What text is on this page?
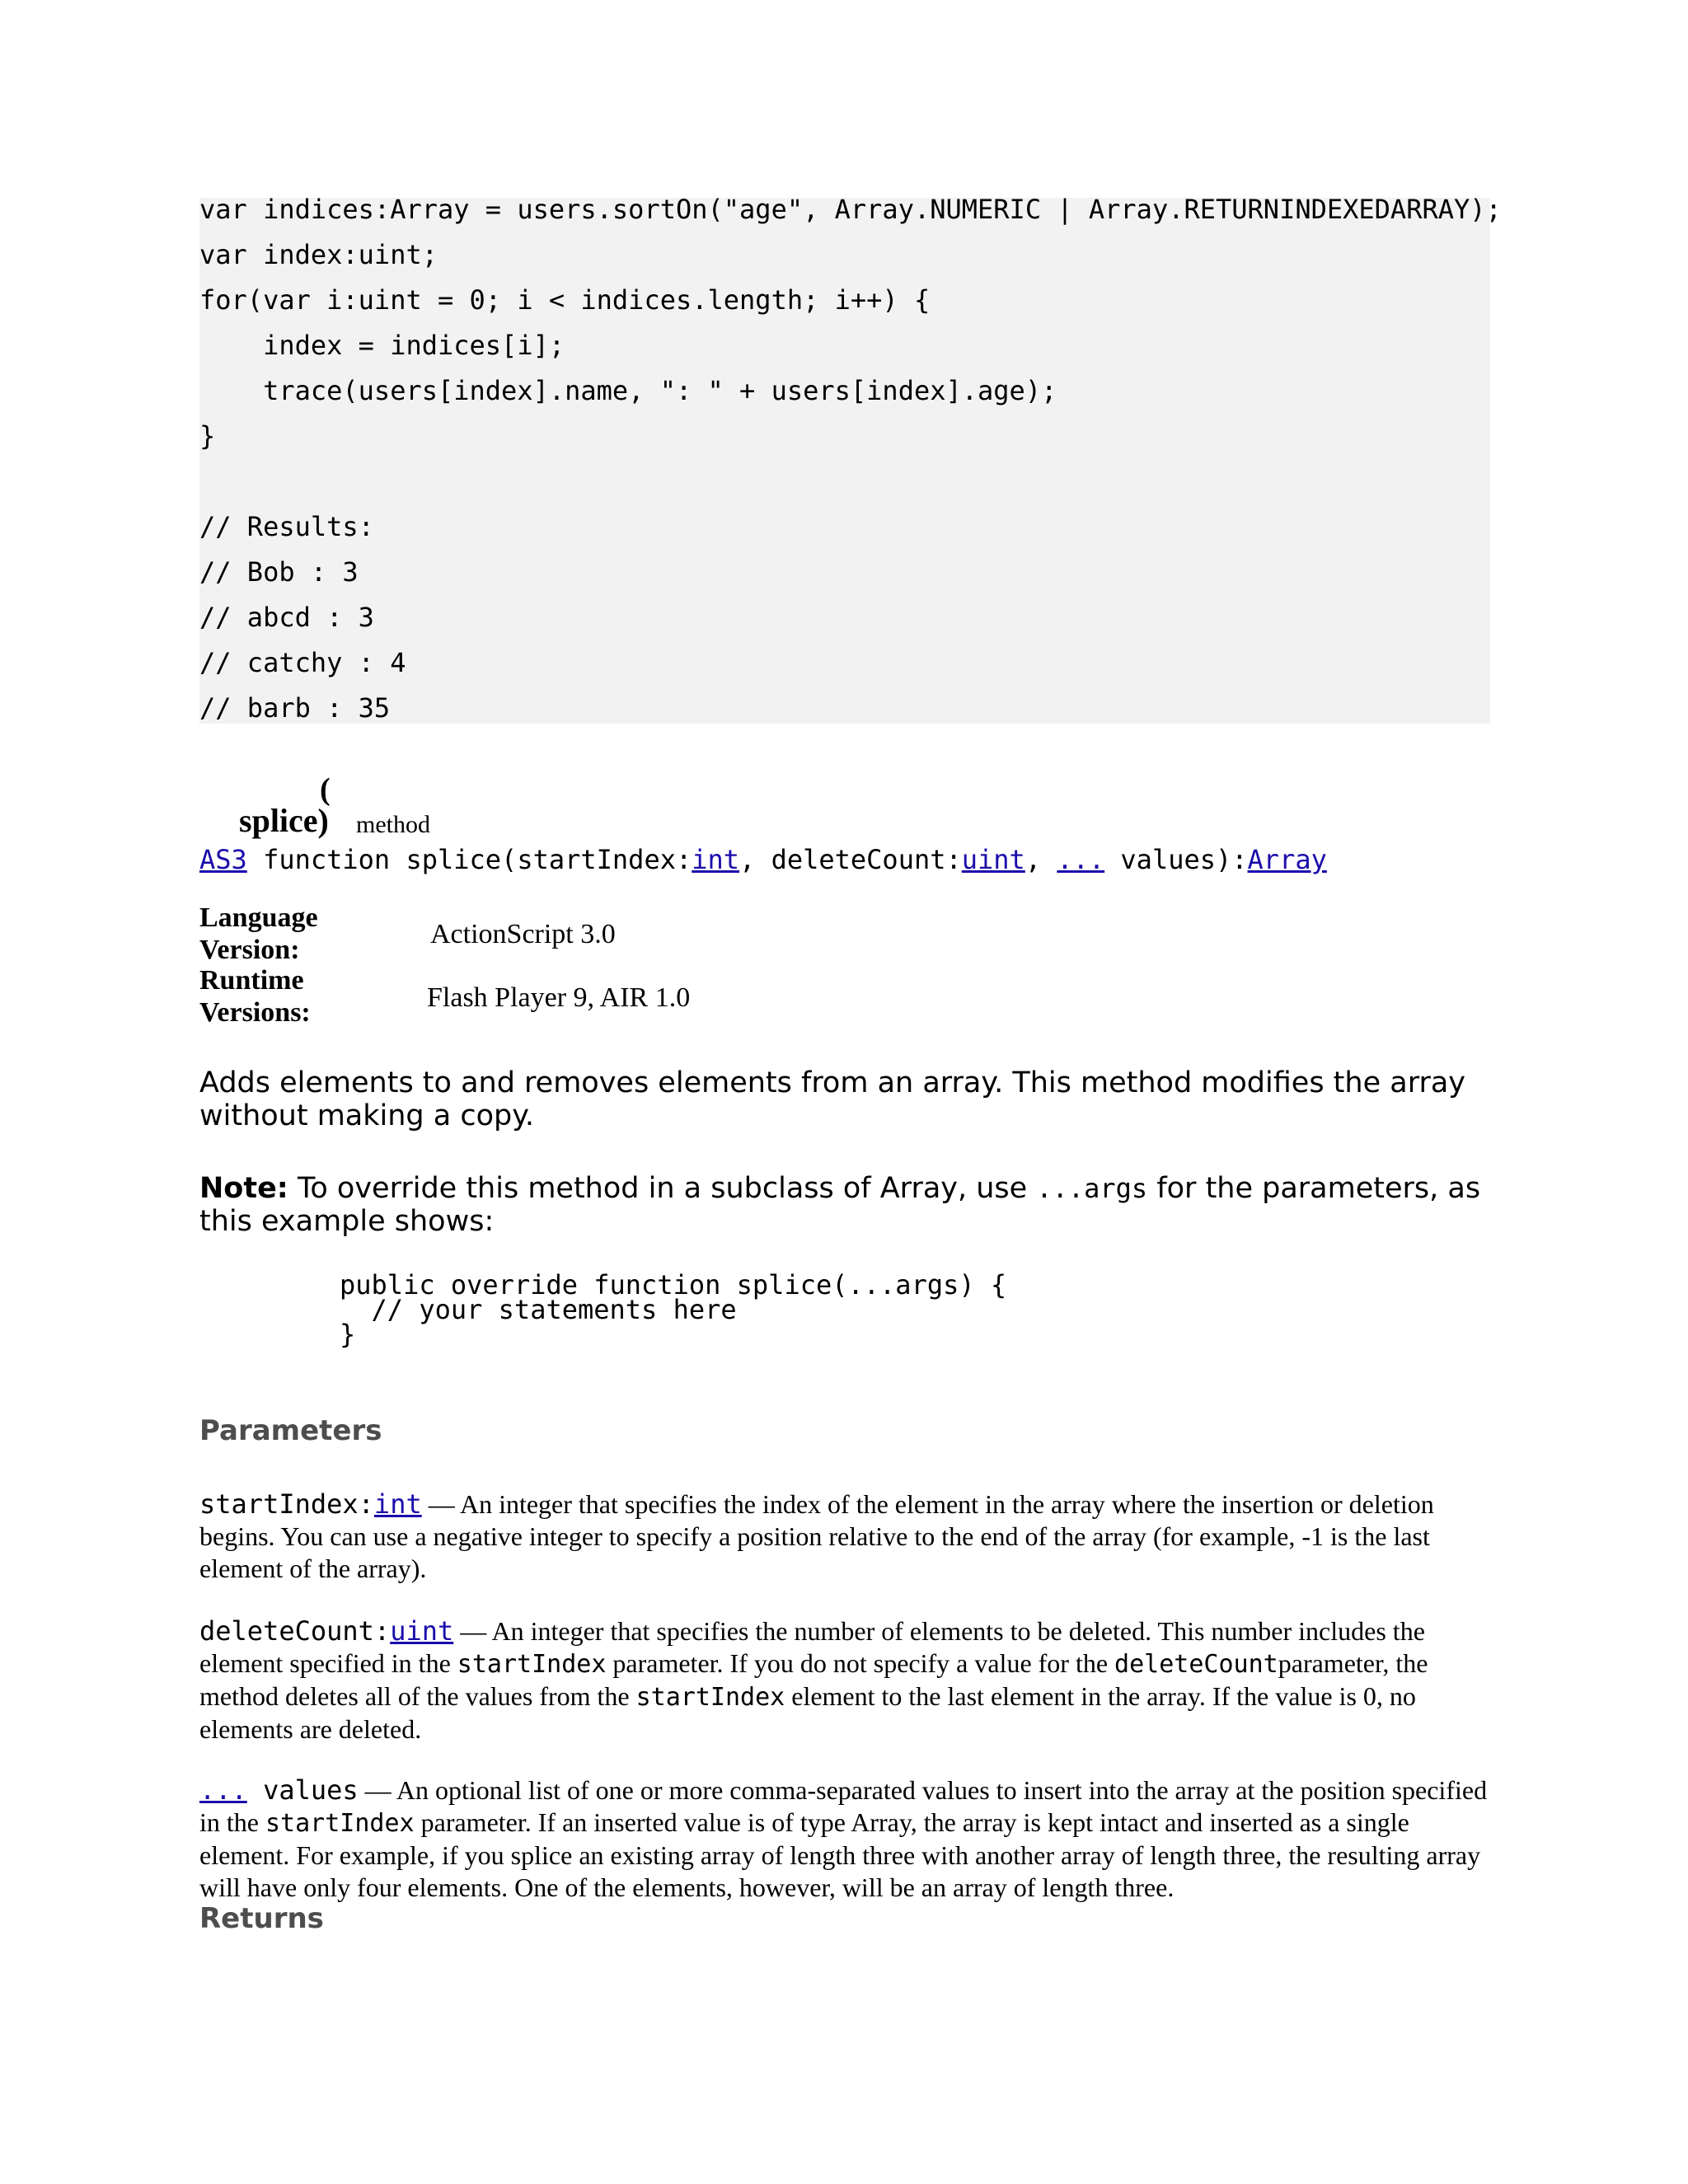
var indices:Array = users.sortOn("age", Array.NUMERIC | Array.RETURNINDEXEDARRAY);
var index:uint;
for(var i:uint = 0; i < indices.length; i++) {
index = indices[i];
trace(users[index].name, ": " + users[index].age);
}
// Results:
// Bob : 3
// abcd : 3
// catchy : 4
// barb : 35
(
splice) method
AS3 function splice(startIndex:int, deleteCount:uint, ... values):Array
Language Version:
ActionScript 3.0
Runtime Versions:	Flash Player 9, AIR 1.0
Adds elements to and removes elements from an array. This method modifies the array without making a copy.
Note: To override this method in a subclass of Array, use ...args for the parameters, as this example shows:
public override function splice(...args) {
// your statements here
}
Parameters
startIndex:int — An integer that specifies the index of the element in the array where the insertion or deletion begins. You can use a negative integer to specify a position relative to the end of the array (for example, -1 is the last element of the array).
deleteCount:uint — An integer that specifies the number of elements to be deleted. This number includes the element specified in the startIndex parameter. If you do not specify a value for the deleteCountparameter, the method deletes all of the values from the startIndex element to the last element in the array. If the value is 0, no elements are deleted.
... values — An optional list of one or more comma-separated values to insert into the array at the position specified in the startIndex parameter. If an inserted value is of type Array, the array is kept intact and inserted as a single element. For example, if you splice an existing array of length three with another array of length three, the resulting array will have only four elements. One of the elements, however, will be an array of length three.
Returns
